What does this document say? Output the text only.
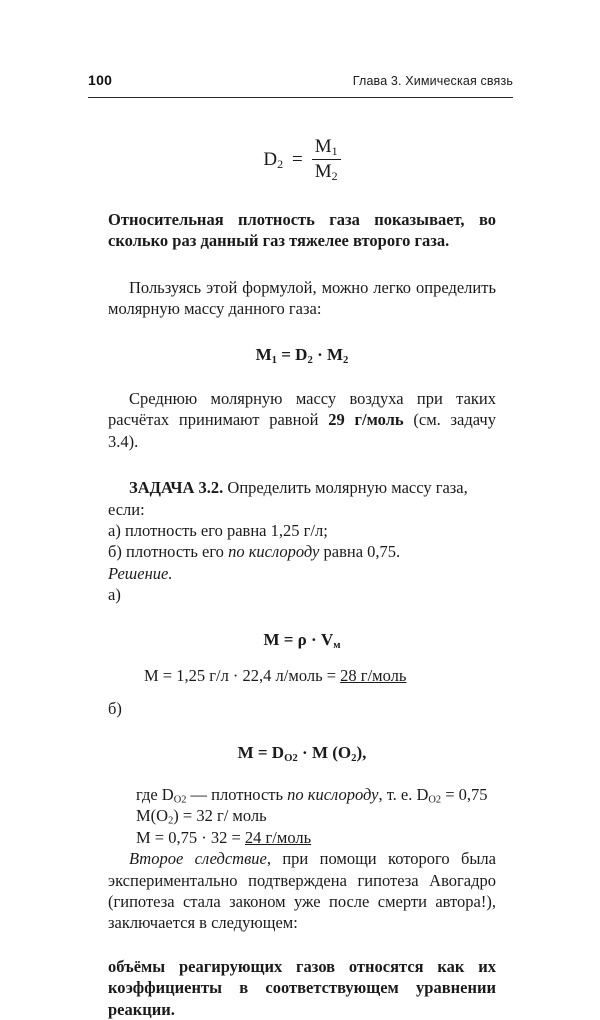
100	Глава 3. Химическая связь
$D_2 = \frac{M_1}{M_2}$

Относительная плотность газа показывает, во сколько раз данный газ тяжелее второго газа.

Пользуясь этой формулой, можно легко определить молярную массу данного газа:

$M_1 = D_2 \cdot M_2$

Среднюю молярную массу воздуха при таких расчётах принимают равной 29 г/моль (см. задачу 3.4).

ЗАДАЧА 3.2. Определить молярную массу газа, если:

а) плотность его равна 1,25 г/л;

б) плотность его по кислороду равна 0,75.

Решение.

а)

$M = \rho \cdot V_м$

M = 1,25 г/л · 22,4 л/моль = 28 г/моль

б)

$M = D_{O2} \cdot M$ $(O_2)$,

где $D_{O2}$ — плотность по кислороду, т. е. $D_{O2} = 0,75$

$M(O_2) = 32$ г/ моль

M = 0,75 · 32 = 24 г/моль

Второе следствие, при помощи которого была экспериментально подтверждена гипотеза Авогадро (гипотеза стала законом уже после смерти автора!), заключается в следующем:

объёмы реагирующих газов относятся как их коэффициенты в соответствующем уравнении реакции.
